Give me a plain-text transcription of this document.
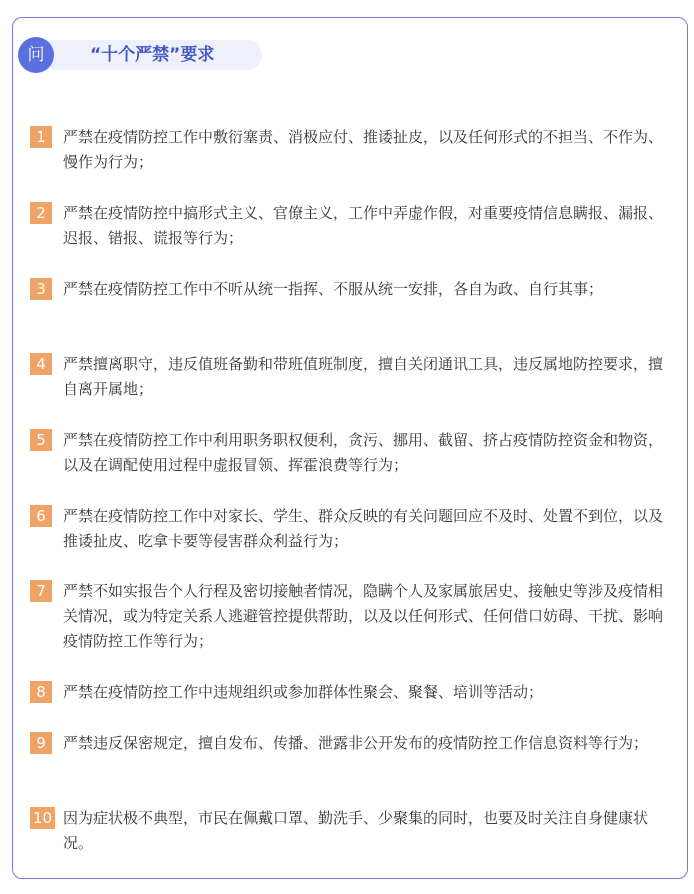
问	“十个严禁”要求
1	严禁在疫情防控工作中敷衍塞责、消极应付、推诿扯皮，以及任何形式的不担当、不作为、慢作为行为；
2	严禁在疫情防控中搞形式主义、官僚主义，工作中弄虚作假，对重要疫情信息瞒报、漏报、迟报、错报、谎报等行为；
3	严禁在疫情防控工作中不听从统一指挥、不服从统一安排，各自为政、自行其事；
4	严禁擅离职守，违反值班备勤和带班值班制度，擅自关闭通讯工具，违反属地防控要求，擅自离开属地；
5	严禁在疫情防控工作中利用职务职权便利，贪污、挪用、截留、挤占疫情防控资金和物资，以及在调配使用过程中虚报冒领、挥霍浪费等行为；
6	严禁在疫情防控工作中对家长、学生、群众反映的有关问题回应不及时、处置不到位，以及推诿扯皮、吃拿卡要等侵害群众利益行为；
7	严禁不如实报告个人行程及密切接触者情况，隐瞒个人及家属旅居史、接触史等涉及疫情相关情况，或为特定关系人逃避管控提供帮助，以及以任何形式、任何借口妨碍、干扰、影响疫情防控工作等行为；
8	严禁在疫情防控工作中违规组织或参加群体性聚会、聚餐、培训等活动；
9	严禁违反保密规定，擅自发布、传播、泄露非公开发布的疫情防控工作信息资料等行为；
10 因为症状极不典型，市民在佩戴口罩、勤洗手、少聚集的同时，也要及时关注自身健康状况。
